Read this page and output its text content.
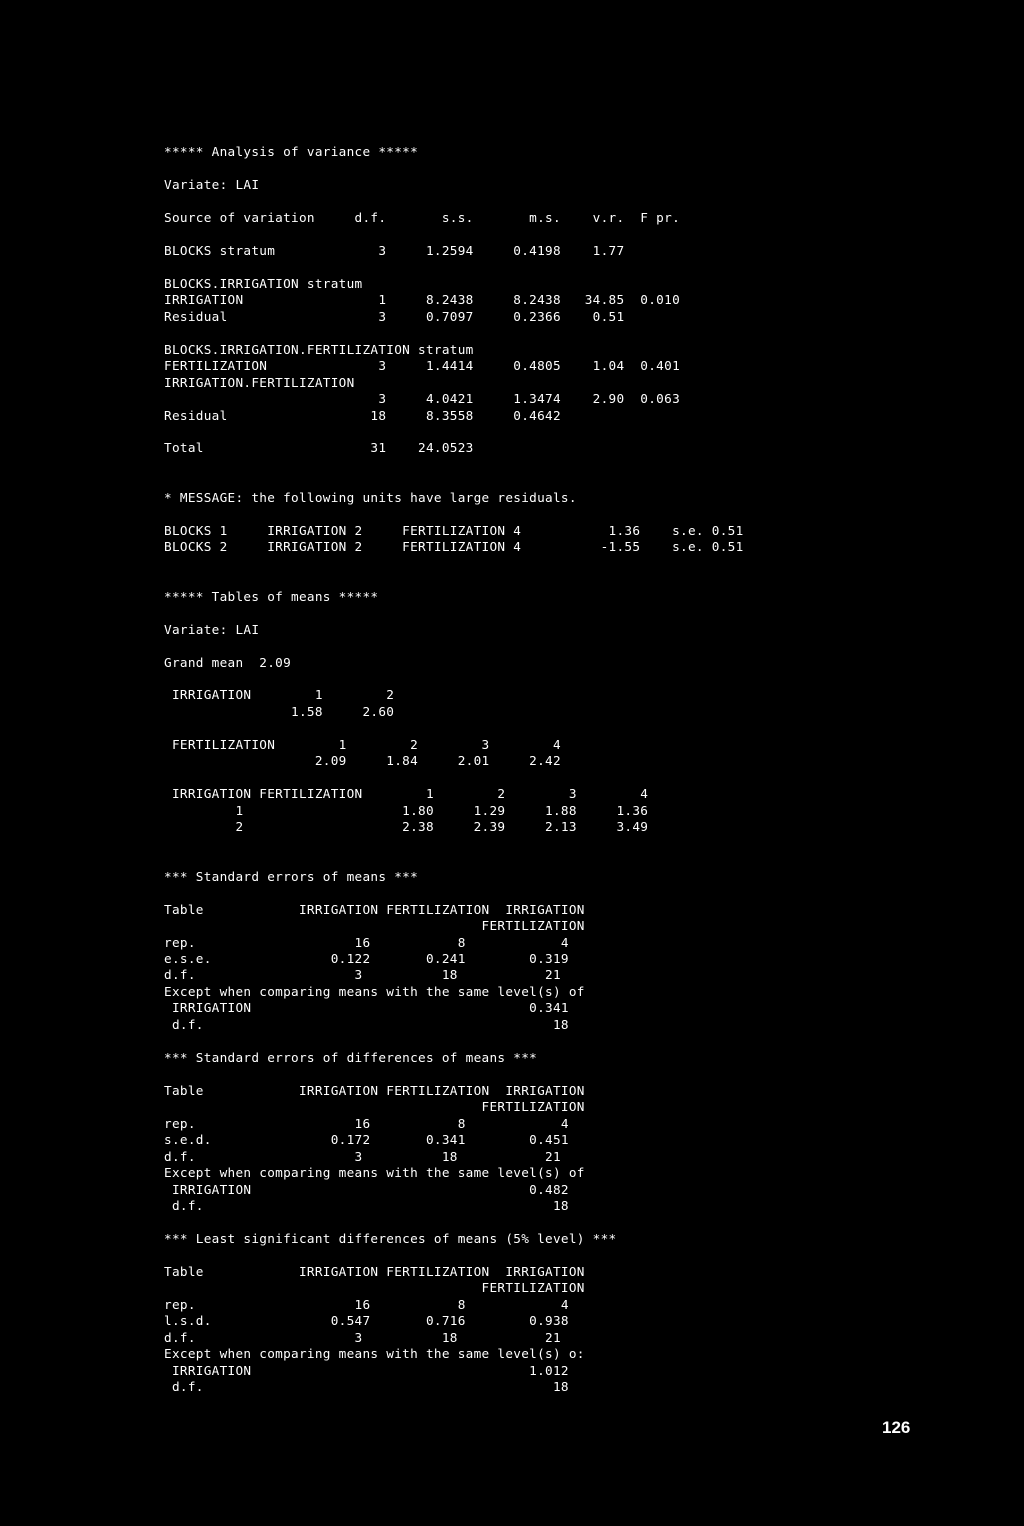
***** Analysis of variance *****
Variate: LAI
Source of variation     d.f.       s.s.       m.s.    v.r.  F pr.
BLOCKS stratum             3     1.2594     0.4198    1.77
BLOCKS.IRRIGATION stratum
IRRIGATION                 1     8.2438     8.2438   34.85  0.010
Residual                   3     0.7097     0.2366    0.51
BLOCKS.IRRIGATION.FERTILIZATION stratum
FERTILIZATION              3     1.4414     0.4805    1.04  0.401
IRRIGATION.FERTILIZATION
3     4.0421     1.3474    2.90  0.063
Residual                  18     8.3558     0.4642
Total                     31    24.0523
* MESSAGE: the following units have large residuals.
BLOCKS 1     IRRIGATION 2     FERTILIZATION 4           1.36    s.e. 0.51
BLOCKS 2     IRRIGATION 2     FERTILIZATION 4          -1.55    s.e. 0.51
***** Tables of means *****
Variate: LAI
Grand mean  2.09
IRRIGATION        1        2
1.58     2.60
FERTILIZATION        1        2        3        4
2.09     1.84     2.01     2.42
IRRIGATION FERTILIZATION        1        2        3        4
1                    1.80     1.29     1.88     1.36
2                    2.38     2.39     2.13     3.49
*** Standard errors of means ***
Table            IRRIGATION FERTILIZATION  IRRIGATION
FERTILIZATION
rep.                    16           8            4
e.s.e.               0.122       0.241        0.319
d.f.                    3          18           21
Except when comparing means with the same level(s) of
IRRIGATION                                   0.341
d.f.                                            18
*** Standard errors of differences of means ***
Table            IRRIGATION FERTILIZATION  IRRIGATION
FERTILIZATION
rep.                    16           8            4
s.e.d.               0.172       0.341        0.451
d.f.                    3          18           21
Except when comparing means with the same level(s) of
IRRIGATION                                   0.482
d.f.                                            18
*** Least significant differences of means (5% level) ***
Table            IRRIGATION FERTILIZATION  IRRIGATION
FERTILIZATION
rep.                    16           8            4
l.s.d.               0.547       0.716        0.938
d.f.                    3          18           21
Except when comparing means with the same level(s) o:
IRRIGATION                                   1.012
d.f.                                            18
126
